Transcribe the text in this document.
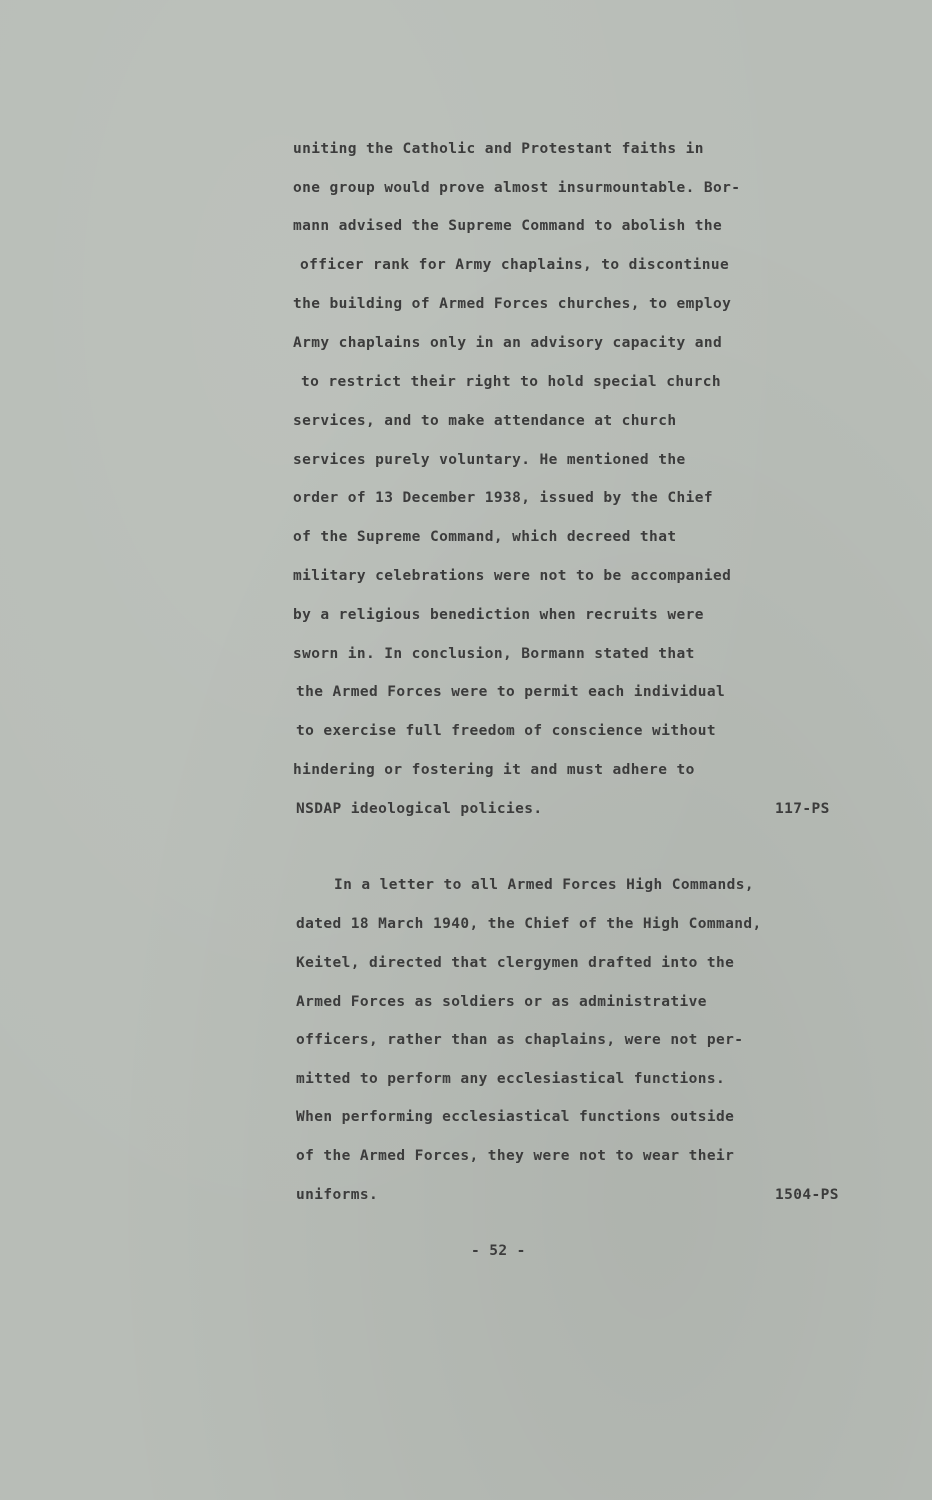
uniting the Catholic and Protestant faiths in
one group would prove almost insurmountable. Bor-
mann advised the Supreme Command to abolish the
officer rank for Army chaplains, to discontinue
the building of Armed Forces churches, to employ
Army chaplains only in an advisory capacity and
to restrict their right to hold special church
services, and to make attendance at church
services purely voluntary. He mentioned the
order of 13 December 1938, issued by the Chief
of the Supreme Command, which decreed that
military celebrations were not to be accompanied
by a religious benediction when recruits were
sworn in. In conclusion, Bormann stated that
the Armed Forces were to permit each individual
to exercise full freedom of conscience without
hindering or fostering it and must adhere to
NSDAP ideological policies.	117-PS
In a letter to all Armed Forces High Commands,
dated 18 March 1940, the Chief of the High Command,
Keitel, directed that clergymen drafted into the
Armed Forces as soldiers or as administrative
officers, rather than as chaplains, were not per-
mitted to perform any ecclesiastical functions.
When performing ecclesiastical functions outside
of the Armed Forces, they were not to wear their
uniforms.	1504-PS
- 52 -
